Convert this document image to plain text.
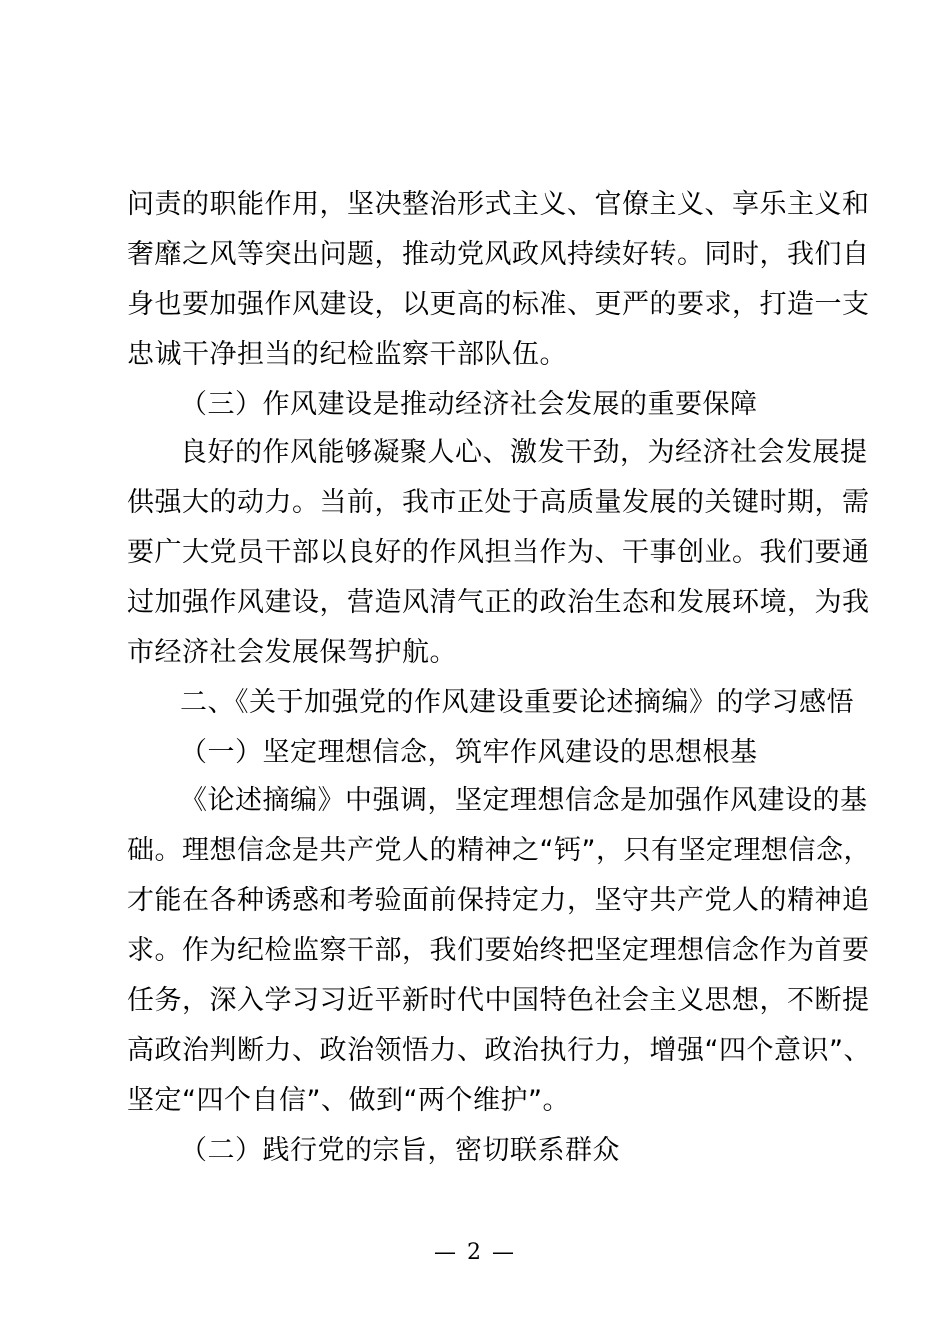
问责的职能作用，坚决整治形式主义、官僚主义、享乐主义和
奢靡之风等突出问题，推动党风政风持续好转。同时，我们自
身也要加强作风建设，以更高的标准、更严的要求，打造一支
忠诚干净担当的纪检监察干部队伍。
（三）作风建设是推动经济社会发展的重要保障
良好的作风能够凝聚人心、激发干劲，为经济社会发展提
供强大的动力。当前，我市正处于高质量发展的关键时期，需
要广大党员干部以良好的作风担当作为、干事创业。我们要通
过加强作风建设，营造风清气正的政治生态和发展环境，为我
市经济社会发展保驾护航。
二、《关于加强党的作风建设重要论述摘编》的学习感悟
（一）坚定理想信念，筑牢作风建设的思想根基
《论述摘编》中强调，坚定理想信念是加强作风建设的基
础。理想信念是共产党人的精神之“钙”，只有坚定理想信念，
才能在各种诱惑和考验面前保持定力，坚守共产党人的精神追
求。作为纪检监察干部，我们要始终把坚定理想信念作为首要
任务，深入学习习近平新时代中国特色社会主义思想，不断提
高政治判断力、政治领悟力、政治执行力，增强“四个意识”、
坚定“四个自信”、做到“两个维护”。
（二）践行党的宗旨，密切联系群众
— 2 —
